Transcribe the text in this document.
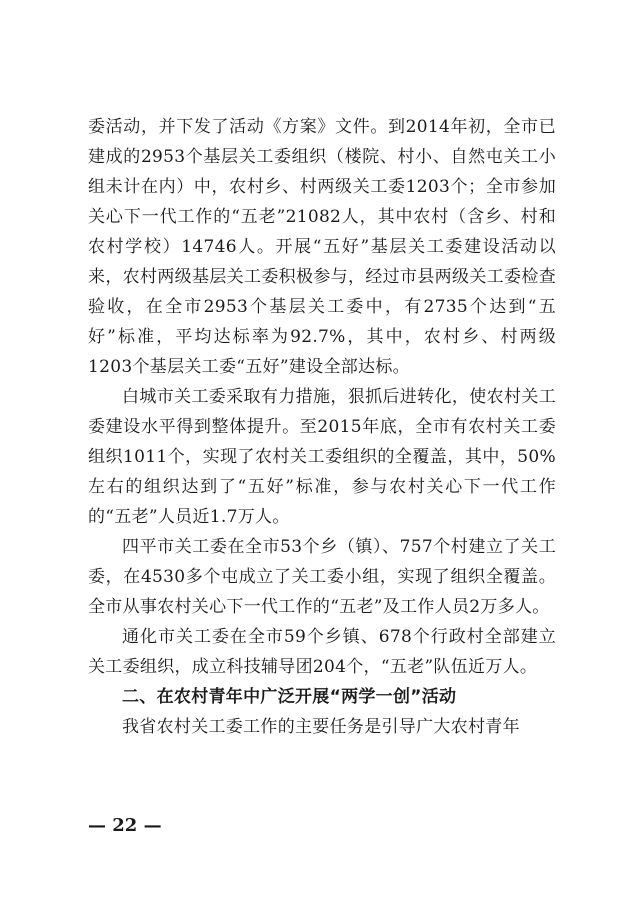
委活动，并下发了活动《方案》文件。到2014年初，全市已建成的2953个基层关工委组织（楼院、村小、自然屯关工小组未计在内）中，农村乡、村两级关工委1203个；全市参加关心下一代工作的“五老”21082人，其中农村（含乡、村和农村学校）14746人。开展“五好”基层关工委建设活动以来，农村两级基层关工委积极参与，经过市县两级关工委检查验收，在全市2953个基层关工委中，有2735个达到“五好”标准，平均达标率为92.7%，其中，农村乡、村两级1203个基层关工委“五好”建设全部达标。

白城市关工委采取有力措施，狠抓后进转化，使农村关工委建设水平得到整体提升。至2015年底，全市有农村关工委组织1011个，实现了农村关工委组织的全覆盖，其中，50%左右的组织达到了“五好”标准，参与农村关心下一代工作的“五老”人员近1.7万人。

四平市关工委在全市53个乡（镇）、757个村建立了关工委，在4530多个屯成立了关工委小组，实现了组织全覆盖。全市从事农村关心下一代工作的“五老”及工作人员2万多人。

通化市关工委在全市59个乡镇、678个行政村全部建立关工委组织，成立科技辅导团204个，“五老”队伍近万人。

二、在农村青年中广泛开展“两学一创”活动

我省农村关工委工作的主要任务是引导广大农村青年

— 22 —
